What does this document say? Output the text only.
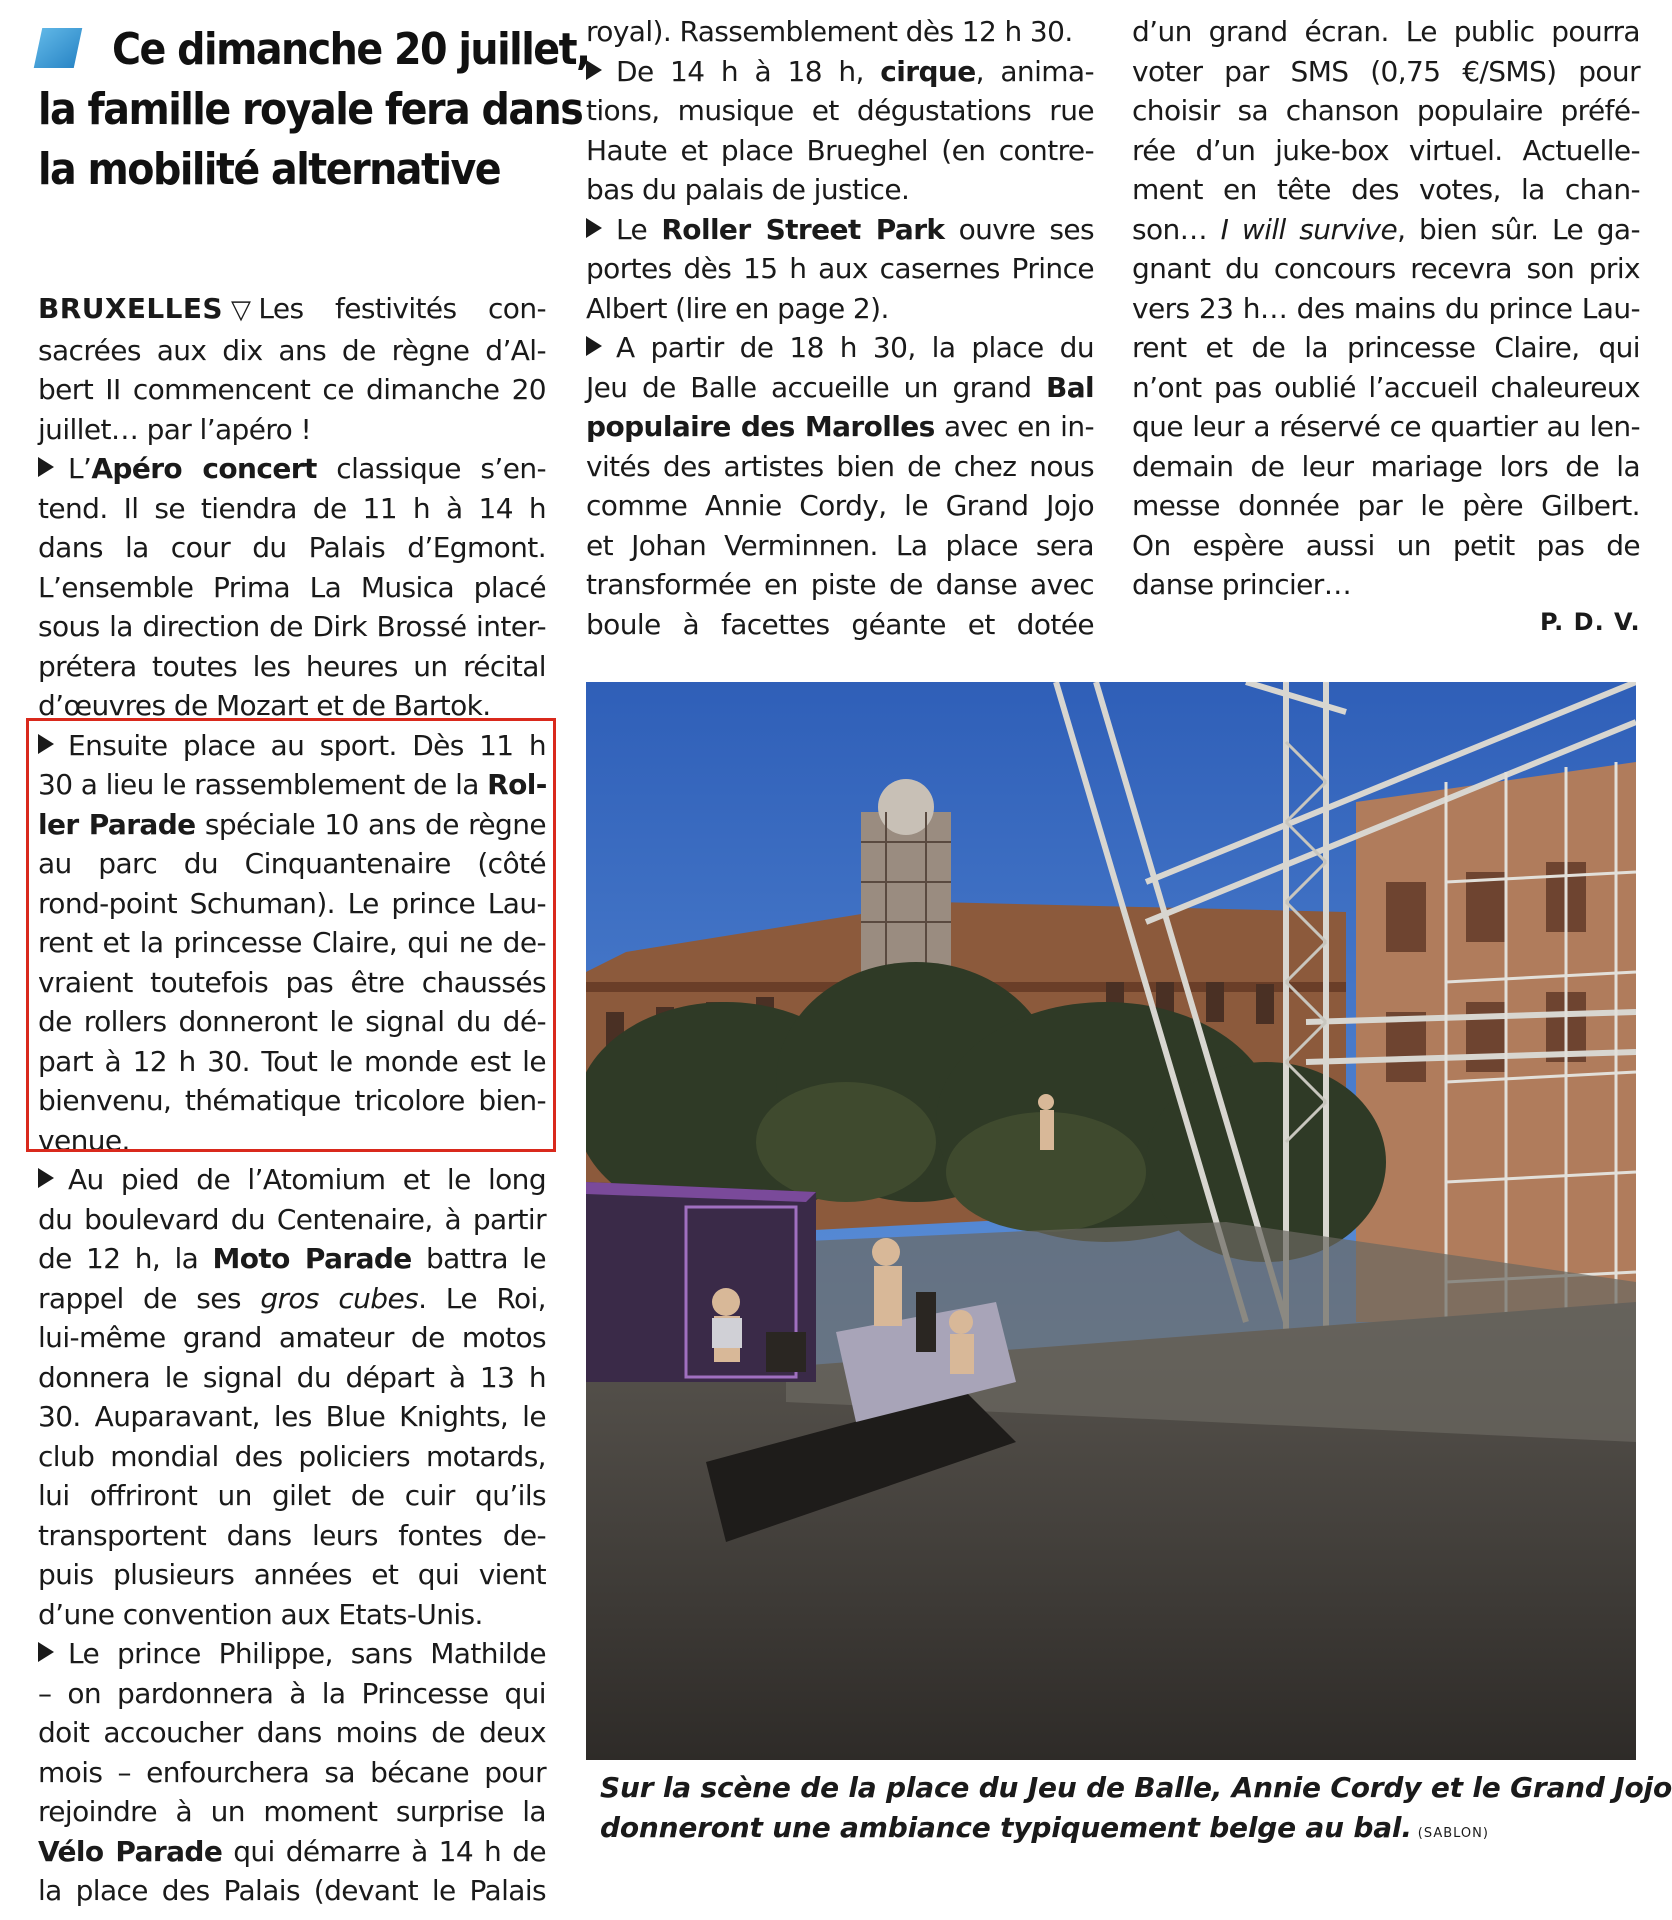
Ce dimanche 20 juillet,
la famille royale fera dans
la mobilité alternative
BRUXELLES ▽ Les festivités con-
sacrées aux dix ans de règne d’Al-
bert II commencent ce dimanche 20
juillet… par l’apéro !
L’Apéro concert classique s’en-
tend. Il se tiendra de 11 h à 14 h
dans la cour du Palais d’Egmont.
L’ensemble Prima La Musica placé
sous la direction de Dirk Brossé inter-
prétera toutes les heures un récital
d’œuvres de Mozart et de Bartok.
Ensuite place au sport. Dès 11 h
30 a lieu le rassemblement de la Rol-
ler Parade spéciale 10 ans de règne
au parc du Cinquantenaire (côté
rond-point Schuman). Le prince Lau-
rent et la princesse Claire, qui ne de-
vraient toutefois pas être chaussés
de rollers donneront le signal du dé-
part à 12 h 30. Tout le monde est le
bienvenu, thématique tricolore bien-
venue.
Au pied de l’Atomium et le long
du boulevard du Centenaire, à partir
de 12 h, la Moto Parade battra le
rappel de ses gros cubes. Le Roi,
lui-même grand amateur de motos
donnera le signal du départ à 13 h
30. Auparavant, les Blue Knights, le
club mondial des policiers motards,
lui offriront un gilet de cuir qu’ils
transportent dans leurs fontes de-
puis plusieurs années et qui vient
d’une convention aux Etats-Unis.
Le prince Philippe, sans Mathilde
– on pardonnera à la Princesse qui
doit accoucher dans moins de deux
mois – enfourchera sa bécane pour
rejoindre à un moment surprise la
Vélo Parade qui démarre à 14 h de
la place des Palais (devant le Palais
royal). Rassemblement dès 12 h 30.
De 14 h à 18 h, cirque, anima-
tions, musique et dégustations rue
Haute et place Brueghel (en contre-
bas du palais de justice.
Le Roller Street Park ouvre ses
portes dès 15 h aux casernes Prince
Albert (lire en page 2).
A partir de 18 h 30, la place du
Jeu de Balle accueille un grand Bal
populaire des Marolles avec en in-
vités des artistes bien de chez nous
comme Annie Cordy, le Grand Jojo
et Johan Verminnen. La place sera
transformée en piste de danse avec
boule à facettes géante et dotée
d’un grand écran. Le public pourra
voter par SMS (0,75 €/SMS) pour
choisir sa chanson populaire préfé-
rée d’un juke-box virtuel. Actuelle-
ment en tête des votes, la chan-
son… I will survive, bien sûr. Le ga-
gnant du concours recevra son prix
vers 23 h… des mains du prince Lau-
rent et de la princesse Claire, qui
n’ont pas oublié l’accueil chaleureux
que leur a réservé ce quartier au len-
demain de leur mariage lors de la
messe donnée par le père Gilbert.
On espère aussi un petit pas de
danse princier…
P. D. V.
Sur la scène de la place du Jeu de Balle, Annie Cordy et le Grand Jojo
donneront une ambiance typiquement belge au bal. (SABLON)
